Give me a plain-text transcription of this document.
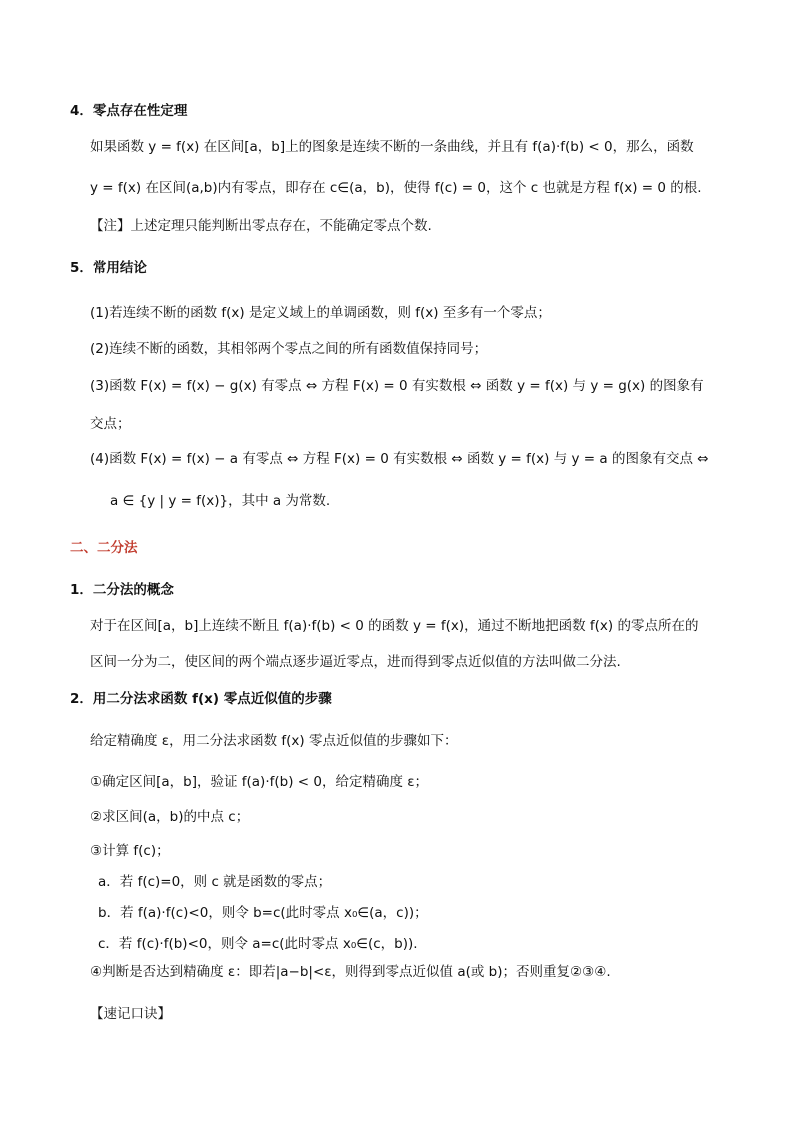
4．零点存在性定理
如果函数 y = f(x) 在区间[a，b]上的图象是连续不断的一条曲线，并且有 f(a)·f(b) < 0，那么，函数
y = f(x) 在区间(a,b)内有零点，即存在 c∈(a，b)，使得 f(c) = 0，这个 c 也就是方程 f(x) = 0 的根.
【注】上述定理只能判断出零点存在，不能确定零点个数.
5．常用结论
(1)若连续不断的函数 f(x) 是定义域上的单调函数，则 f(x) 至多有一个零点；
(2)连续不断的函数，其相邻两个零点之间的所有函数值保持同号；
(3)函数 F(x) = f(x) − g(x) 有零点 ⇔ 方程 F(x) = 0 有实数根 ⇔ 函数 y = f(x) 与 y = g(x) 的图象有
交点；
(4)函数 F(x) = f(x) − a 有零点 ⇔ 方程 F(x) = 0 有实数根 ⇔ 函数 y = f(x) 与 y = a 的图象有交点 ⇔
a ∈ {y | y = f(x)}，其中 a 为常数.
二、二分法
1．二分法的概念
对于在区间[a，b]上连续不断且 f(a)·f(b) < 0 的函数 y = f(x)，通过不断地把函数 f(x) 的零点所在的
区间一分为二，使区间的两个端点逐步逼近零点，进而得到零点近似值的方法叫做二分法.
2．用二分法求函数 f(x) 零点近似值的步骤
给定精确度 ε，用二分法求函数 f(x) 零点近似值的步骤如下：
①确定区间[a，b]，验证 f(a)·f(b) < 0，给定精确度 ε；
②求区间(a，b)的中点 c；
③计算 f(c)；
a．若 f(c)=0，则 c 就是函数的零点；
b．若 f(a)·f(c)<0，则令 b=c(此时零点 x₀∈(a，c))；
c．若 f(c)·f(b)<0，则令 a=c(此时零点 x₀∈(c，b)).
④判断是否达到精确度 ε：即若|a−b|<ε，则得到零点近似值 a(或 b)；否则重复②③④.
【速记口诀】
